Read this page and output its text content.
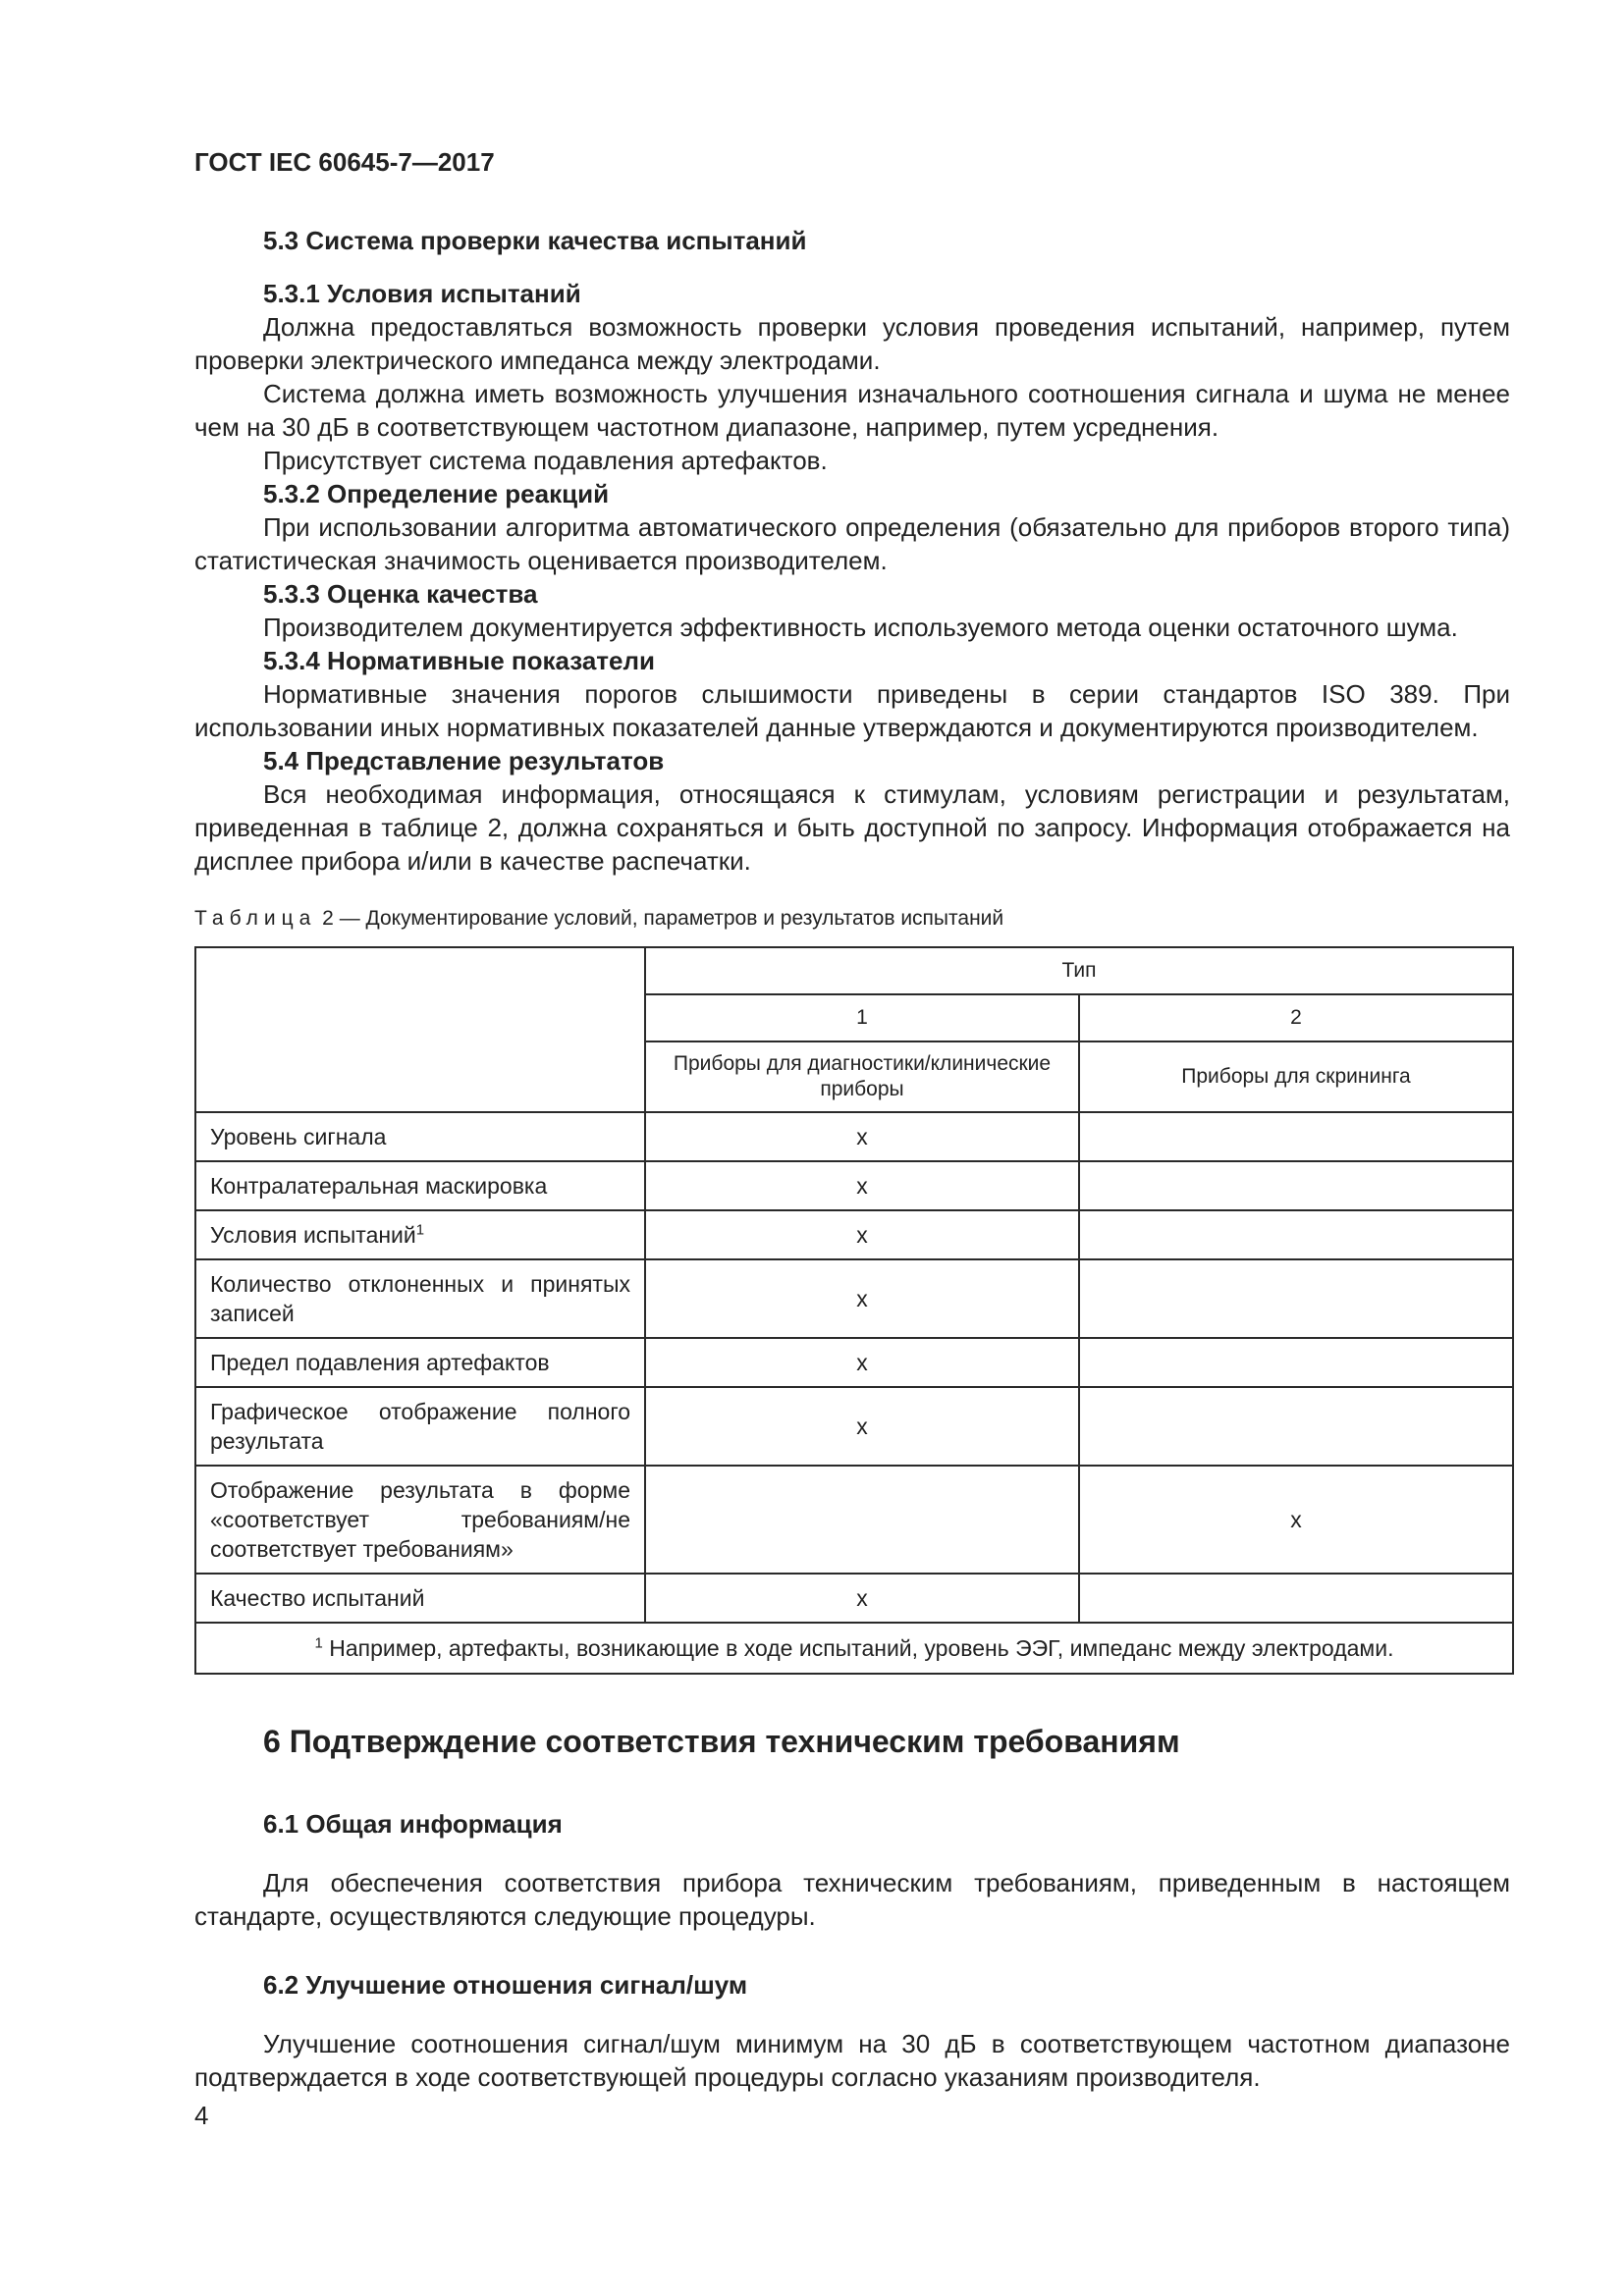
ГОСТ IEC 60645-7—2017

5.3 Система проверки качества испытаний

5.3.1 Условия испытаний

Должна предоставляться возможность проверки условия проведения испытаний, например, путем проверки электрического импеданса между электродами.

Система должна иметь возможность улучшения изначального соотношения сигнала и шума не менее чем на 30 дБ в соответствующем частотном диапазоне, например, путем усреднения.

Присутствует система подавления артефактов.

5.3.2 Определение реакций

При использовании алгоритма автоматического определения (обязательно для приборов второго типа) статистическая значимость оценивается производителем.

5.3.3 Оценка качества

Производителем документируется эффективность используемого метода оценки остаточного шума.

5.3.4 Нормативные показатели

Нормативные значения порогов слышимости приведены в серии стандартов ISO 389. При использовании иных нормативных показателей данные утверждаются и документируются производителем.

5.4 Представление результатов

Вся необходимая информация, относящаяся к стимулам, условиям регистрации и результатам, приведенная в таблице 2, должна сохраняться и быть доступной по запросу. Информация отображается на дисплее прибора и/или в качестве распечатки.

Таблица 2 — Документирование условий, параметров и результатов испытаний

	Тип	
	1	2
	Приборы для диагностики/клинические приборы	Приборы для скрининга
Уровень сигнала	x	
Контралатеральная маскировка	x	
Условия испытаний$^1$	x	
Количество отклоненных и принятых записей	x	
Предел подавления артефактов	x	
Графическое отображение полного результата	x	
Отображение результата в форме «соответствует требованиям/не соответствует требованиям»		x
Качество испытаний	x	
$^1$ Например, артефакты, возникающие в ходе испытаний, уровень ЭЭГ, импеданс между электродами.		

6 Подтверждение соответствия техническим требованиям

6.1 Общая информация

Для обеспечения соответствия прибора техническим требованиям, приведенным в настоящем стандарте, осуществляются следующие процедуры.

6.2 Улучшение отношения сигнал/шум

Улучшение соотношения сигнал/шум минимум на 30 дБ в соответствующем частотном диапазоне подтверждается в ходе соответствующей процедуры согласно указаниям производителя.

4
